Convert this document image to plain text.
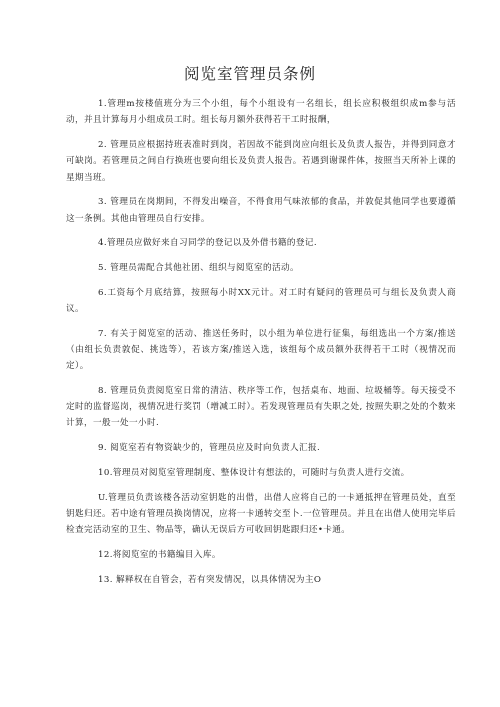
阅览室管理员条例

1.管理m按楼值班分为三个小组，每个小组设有一名组长，组长应积极组织成m参与活动，并且计算每月小组成员工时。组长每月额外获得若干工时报酬，

2. 管理员应根据持班表准时到岗，若因故不能到岗应向组长及负责人报告，并得到同意才可缺岗。若管理员之间自行换班也要向组长及负责人报告。若遇到谢课件体，按照当天所补上课的星期当班。

3. 管理员在岗期间，不得发出噪音，不得食用气味浓郁的食品，并敦促其他同学也要遵循这一条例。其他由管理员自行安排。

4.管理员应做好来自习同学的登记以及外借书籍的登记.

5. 管理员需配合其他社团、组织与阅览室的活动。

6.工资每个月底结算，按照每小时XX元计。对工时有疑问的管理员可与组长及负责人商议。

7. 有关于阅览室的活动、推送任务时，以小组为单位进行征集，每组选出一个方案/推送（由组长负责敦促、挑选等），若该方案/推送入选，该组每个成员额外获得若干工时（视情况而定）。

8. 管理员负责阅览室日常的清洁、秩序等工作，包括桌布、地面、垃圾桶等。每天接受不定时的监督巡岗，视情况进行奖罚（增减工时）。若发现管理员有失职之处, 按照失职之处的个数来计算，一般一处一小时.

9. 阅览室若有物资缺少的，管理员应及时向负责人汇报.

10.管理员对阅览室管理制度、整体设计有想法的，可随时与负责人进行交流。

U.管理员负责该楼各活动室钥匙的出借，出借人应将自己的一卡通抵押在管理员处，直至钥匙归还。若中途有管理员换岗情况，应将一卡通转交至卜.一位管理员。并且在出借人使用完毕后检查完活动室的卫生、物品等，确认无误后方可收回钥匙跟归还•卡通。

12.将阅览室的书籍编目入库。

13. 解释权在自管会，若有突发情况，以具体情况为主O
